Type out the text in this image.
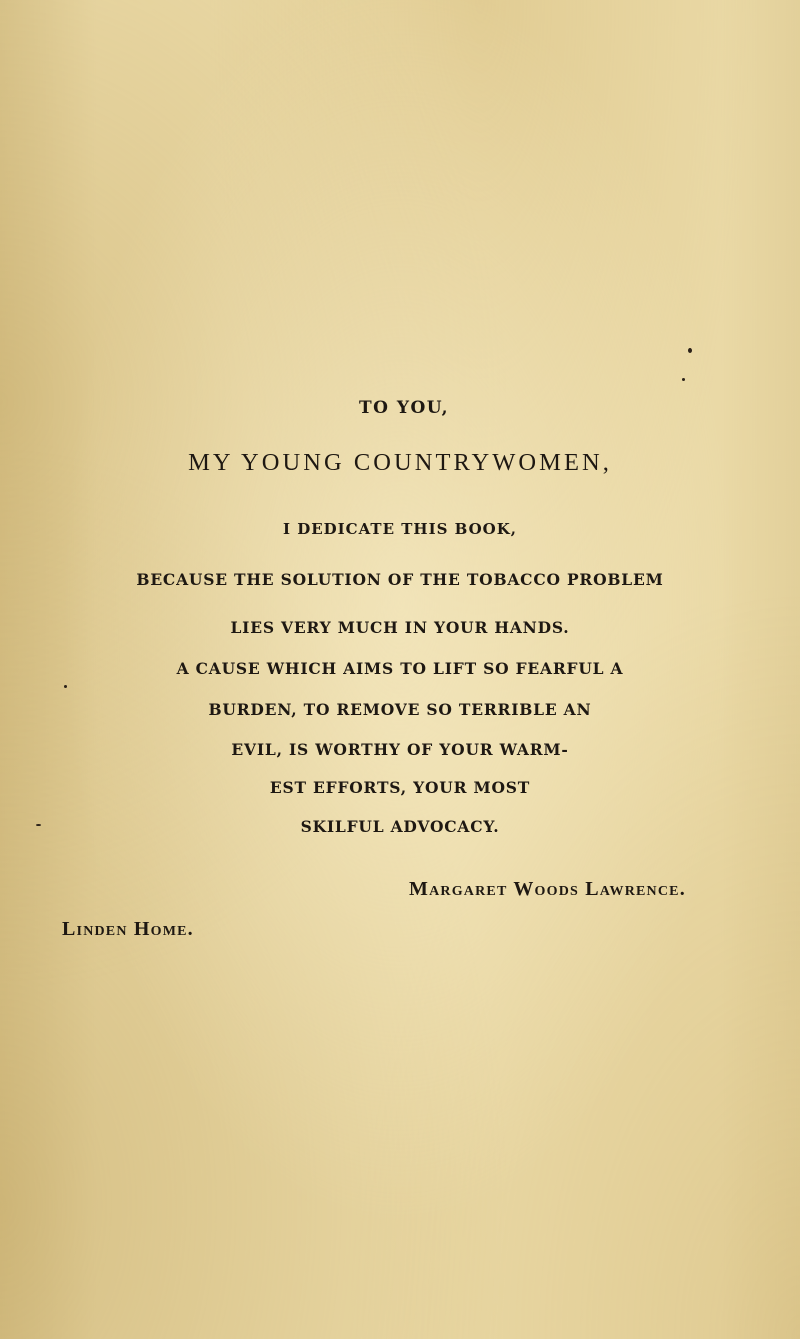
TO YOU,
MY YOUNG COUNTRYWOMEN,
I DEDICATE THIS BOOK,
BECAUSE THE SOLUTION OF THE TOBACCO PROBLEM
LIES VERY MUCH IN YOUR HANDS.
A CAUSE WHICH AIMS TO LIFT SO FEARFUL A
BURDEN, TO REMOVE SO TERRIBLE AN
EVIL, IS WORTHY OF YOUR WARM-
EST EFFORTS, YOUR MOST
SKILFUL ADVOCACY.
Margaret Woods Lawrence.
Linden Home.
